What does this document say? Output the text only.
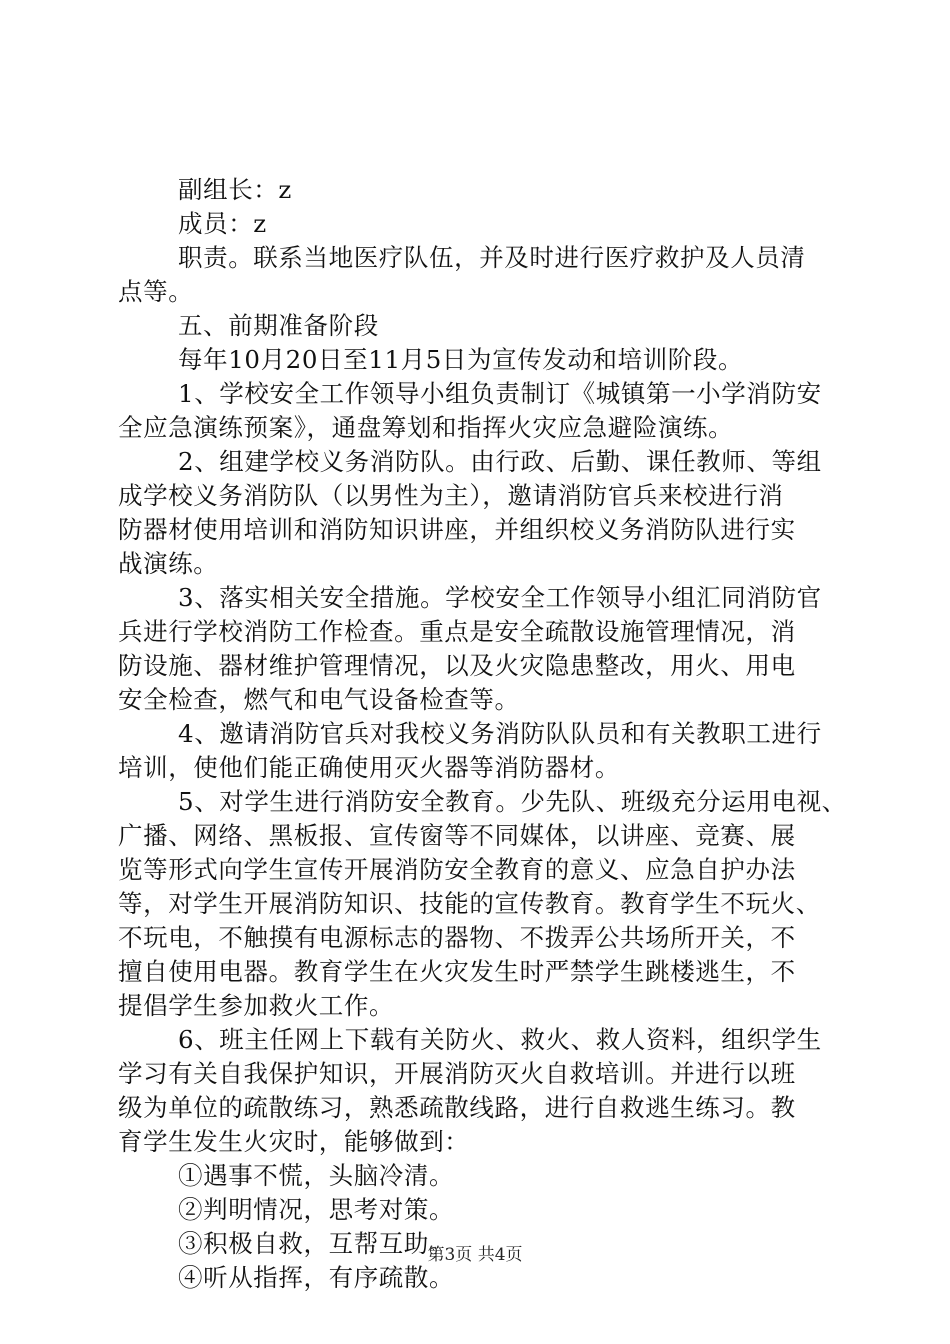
副组长：z
成员：z
职责。联系当地医疗队伍，并及时进行医疗救护及人员清
点等。
五、前期准备阶段
每年10月20日至11月5日为宣传发动和培训阶段。
1、学校安全工作领导小组负责制订《城镇第一小学消防安
全应急演练预案》，通盘筹划和指挥火灾应急避险演练。
2、组建学校义务消防队。由行政、后勤、课任教师、等组
成学校义务消防队（以男性为主），邀请消防官兵来校进行消
防器材使用培训和消防知识讲座，并组织校义务消防队进行实
战演练。
3、落实相关安全措施。学校安全工作领导小组汇同消防官
兵进行学校消防工作检查。重点是安全疏散设施管理情况，消
防设施、器材维护管理情况，以及火灾隐患整改，用火、用电
安全检查，燃气和电气设备检查等。
4、邀请消防官兵对我校义务消防队队员和有关教职工进行
培训，使他们能正确使用灭火器等消防器材。
5、对学生进行消防安全教育。少先队、班级充分运用电视、
广播、网络、黑板报、宣传窗等不同媒体，以讲座、竞赛、展
览等形式向学生宣传开展消防安全教育的意义、应急自护办法
等，对学生开展消防知识、技能的宣传教育。教育学生不玩火、
不玩电，不触摸有电源标志的器物、不拨弄公共场所开关，不
擅自使用电器。教育学生在火灾发生时严禁学生跳楼逃生，不
提倡学生参加救火工作。
6、班主任网上下载有关防火、救火、救人资料，组织学生
学习有关自我保护知识，开展消防灭火自救培训。并进行以班
级为单位的疏散练习，熟悉疏散线路，进行自救逃生练习。教
育学生发生火灾时，能够做到：
①遇事不慌，头脑冷清。
②判明情况，思考对策。
③积极自救，互帮互助。
④听从指挥，有序疏散。
第3页 共4页
